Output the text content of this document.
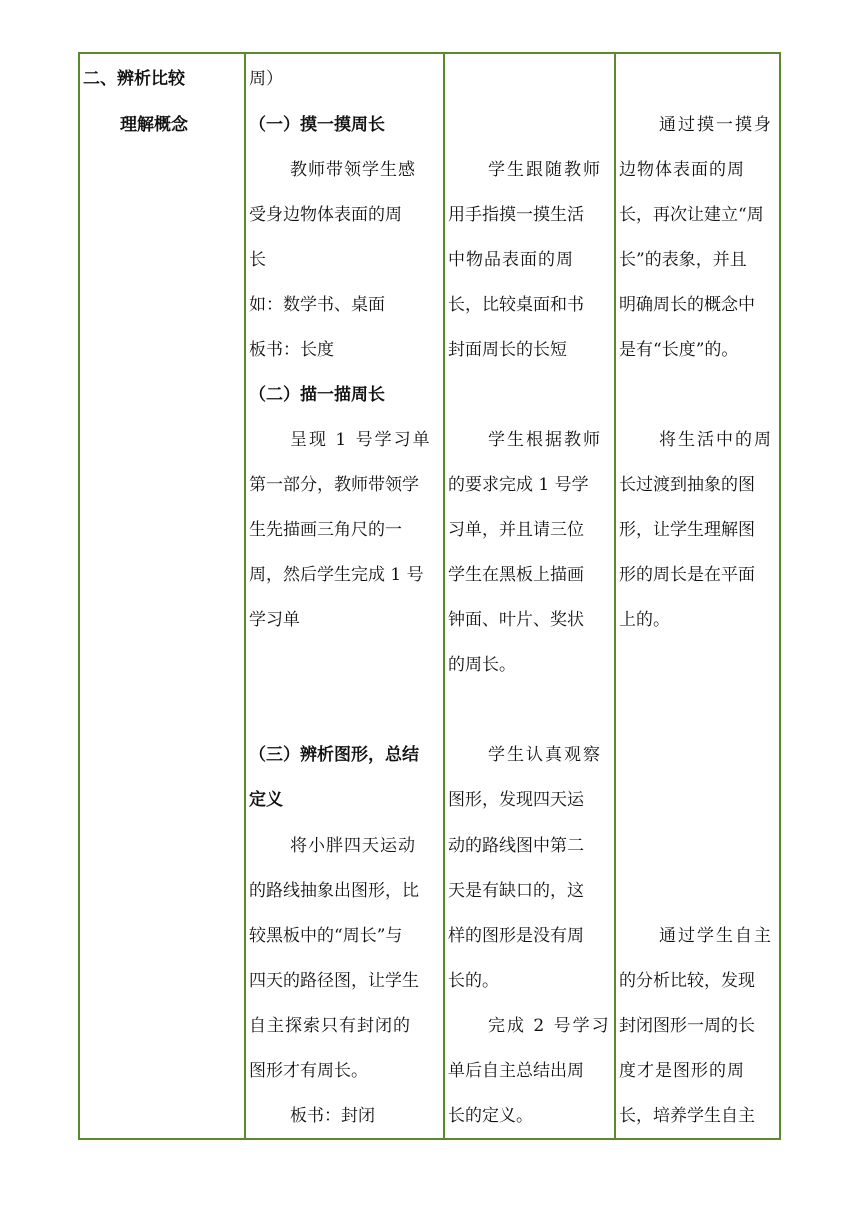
二、辨析比较
理解概念
周）
（一）摸一摸周长
教师带领学生感
受身边物体表面的周
长
如：数学书、桌面
板书：长度
（二）描一描周长
呈现 1 号学习单
第一部分，教师带领学
生先描画三角尺的一
周，然后学生完成 1 号
学习单
（三）辨析图形，总结
定义
将小胖四天运动
的路线抽象出图形，比
较黑板中的“周长”与
四天的路径图，让学生
自主探索只有封闭的
图形才有周长。
板书：封闭
学生跟随教师
用手指摸一摸生活
中物品表面的周
长，比较桌面和书
封面周长的长短
学生根据教师
的要求完成 1 号学
习单，并且请三位
学生在黑板上描画
钟面、叶片、奖状
的周长。
学生认真观察
图形，发现四天运
动的路线图中第二
天是有缺口的，这
样的图形是没有周
长的。
完成 2 号学习
单后自主总结出周
长的定义。
通过摸一摸身
边物体表面的周
长，再次让建立“周
长”的表象，并且
明确周长的概念中
是有“长度”的。
将生活中的周
长过渡到抽象的图
形，让学生理解图
形的周长是在平面
上的。
通过学生自主
的分析比较，发现
封闭图形一周的长
度才是图形的周
长，培养学生自主
